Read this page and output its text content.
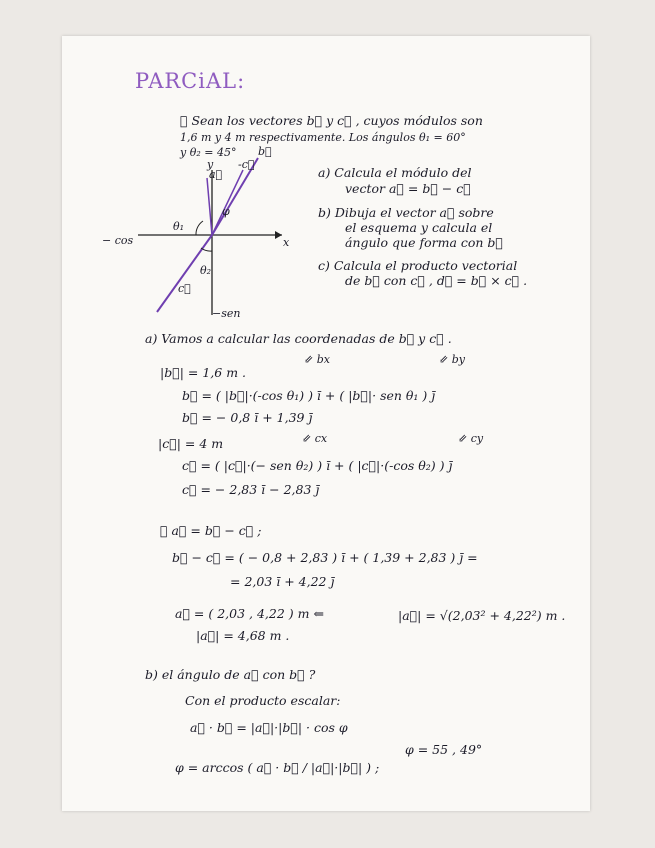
PARCiAL:
④ Sean los vectores b⃗ y c⃗ , cuyos módulos son
1,6 m y 4 m respectivamente. Los ángulos θ₁ = 60°
y θ₂ = 45°
a) Calcula el módulo del
vector a⃗ = b⃗ − c⃗
b) Dibuja el vector a⃗ sobre
el esquema y calcula el
ángulo que forma con b⃗
c) Calcula el producto vectorial
de b⃗ con c⃗ , d⃗ = b⃗ × c⃗ .
y
x
b⃗
a⃗
-c⃗
φ
θ₁
θ₂
c⃗
− cos
−sen
a) Vamos a calcular las coordenadas de b⃗ y c⃗ .
⇙ bx	⇙ by
|b⃗| = 1,6 m .
b⃗ = ( |b⃗|·(-cos θ₁) ) ī + ( |b⃗|· sen θ₁ ) ȷ̄
b⃗ = − 0,8 ī + 1,39 ȷ̄
⇙ cx	⇙ cy
|c⃗| = 4 m
c⃗ = ( |c⃗|·(− sen θ₂) ) ī + ( |c⃗|·(-cos θ₂) ) ȷ̄
c⃗ = − 2,83 ī − 2,83 ȷ̄
✶ a⃗ = b⃗ − c⃗ ;
b⃗ − c⃗ = ( − 0,8 + 2,83 ) ī + ( 1,39 + 2,83 ) ȷ̄ =
= 2,03 ī + 4,22 ȷ̄
a⃗ = ( 2,03 , 4,22 ) m ⇐	|a⃗| = √(2,03² + 4,22²) m .
|a⃗| = 4,68 m .
b) el ángulo de a⃗ con b⃗ ?
Con el producto escalar:
a⃗ · b⃗ = |a⃗|·|b⃗| · cos φ
φ = arccos ( a⃗ · b⃗ / |a⃗|·|b⃗| ) ;
φ = 55 , 49°
